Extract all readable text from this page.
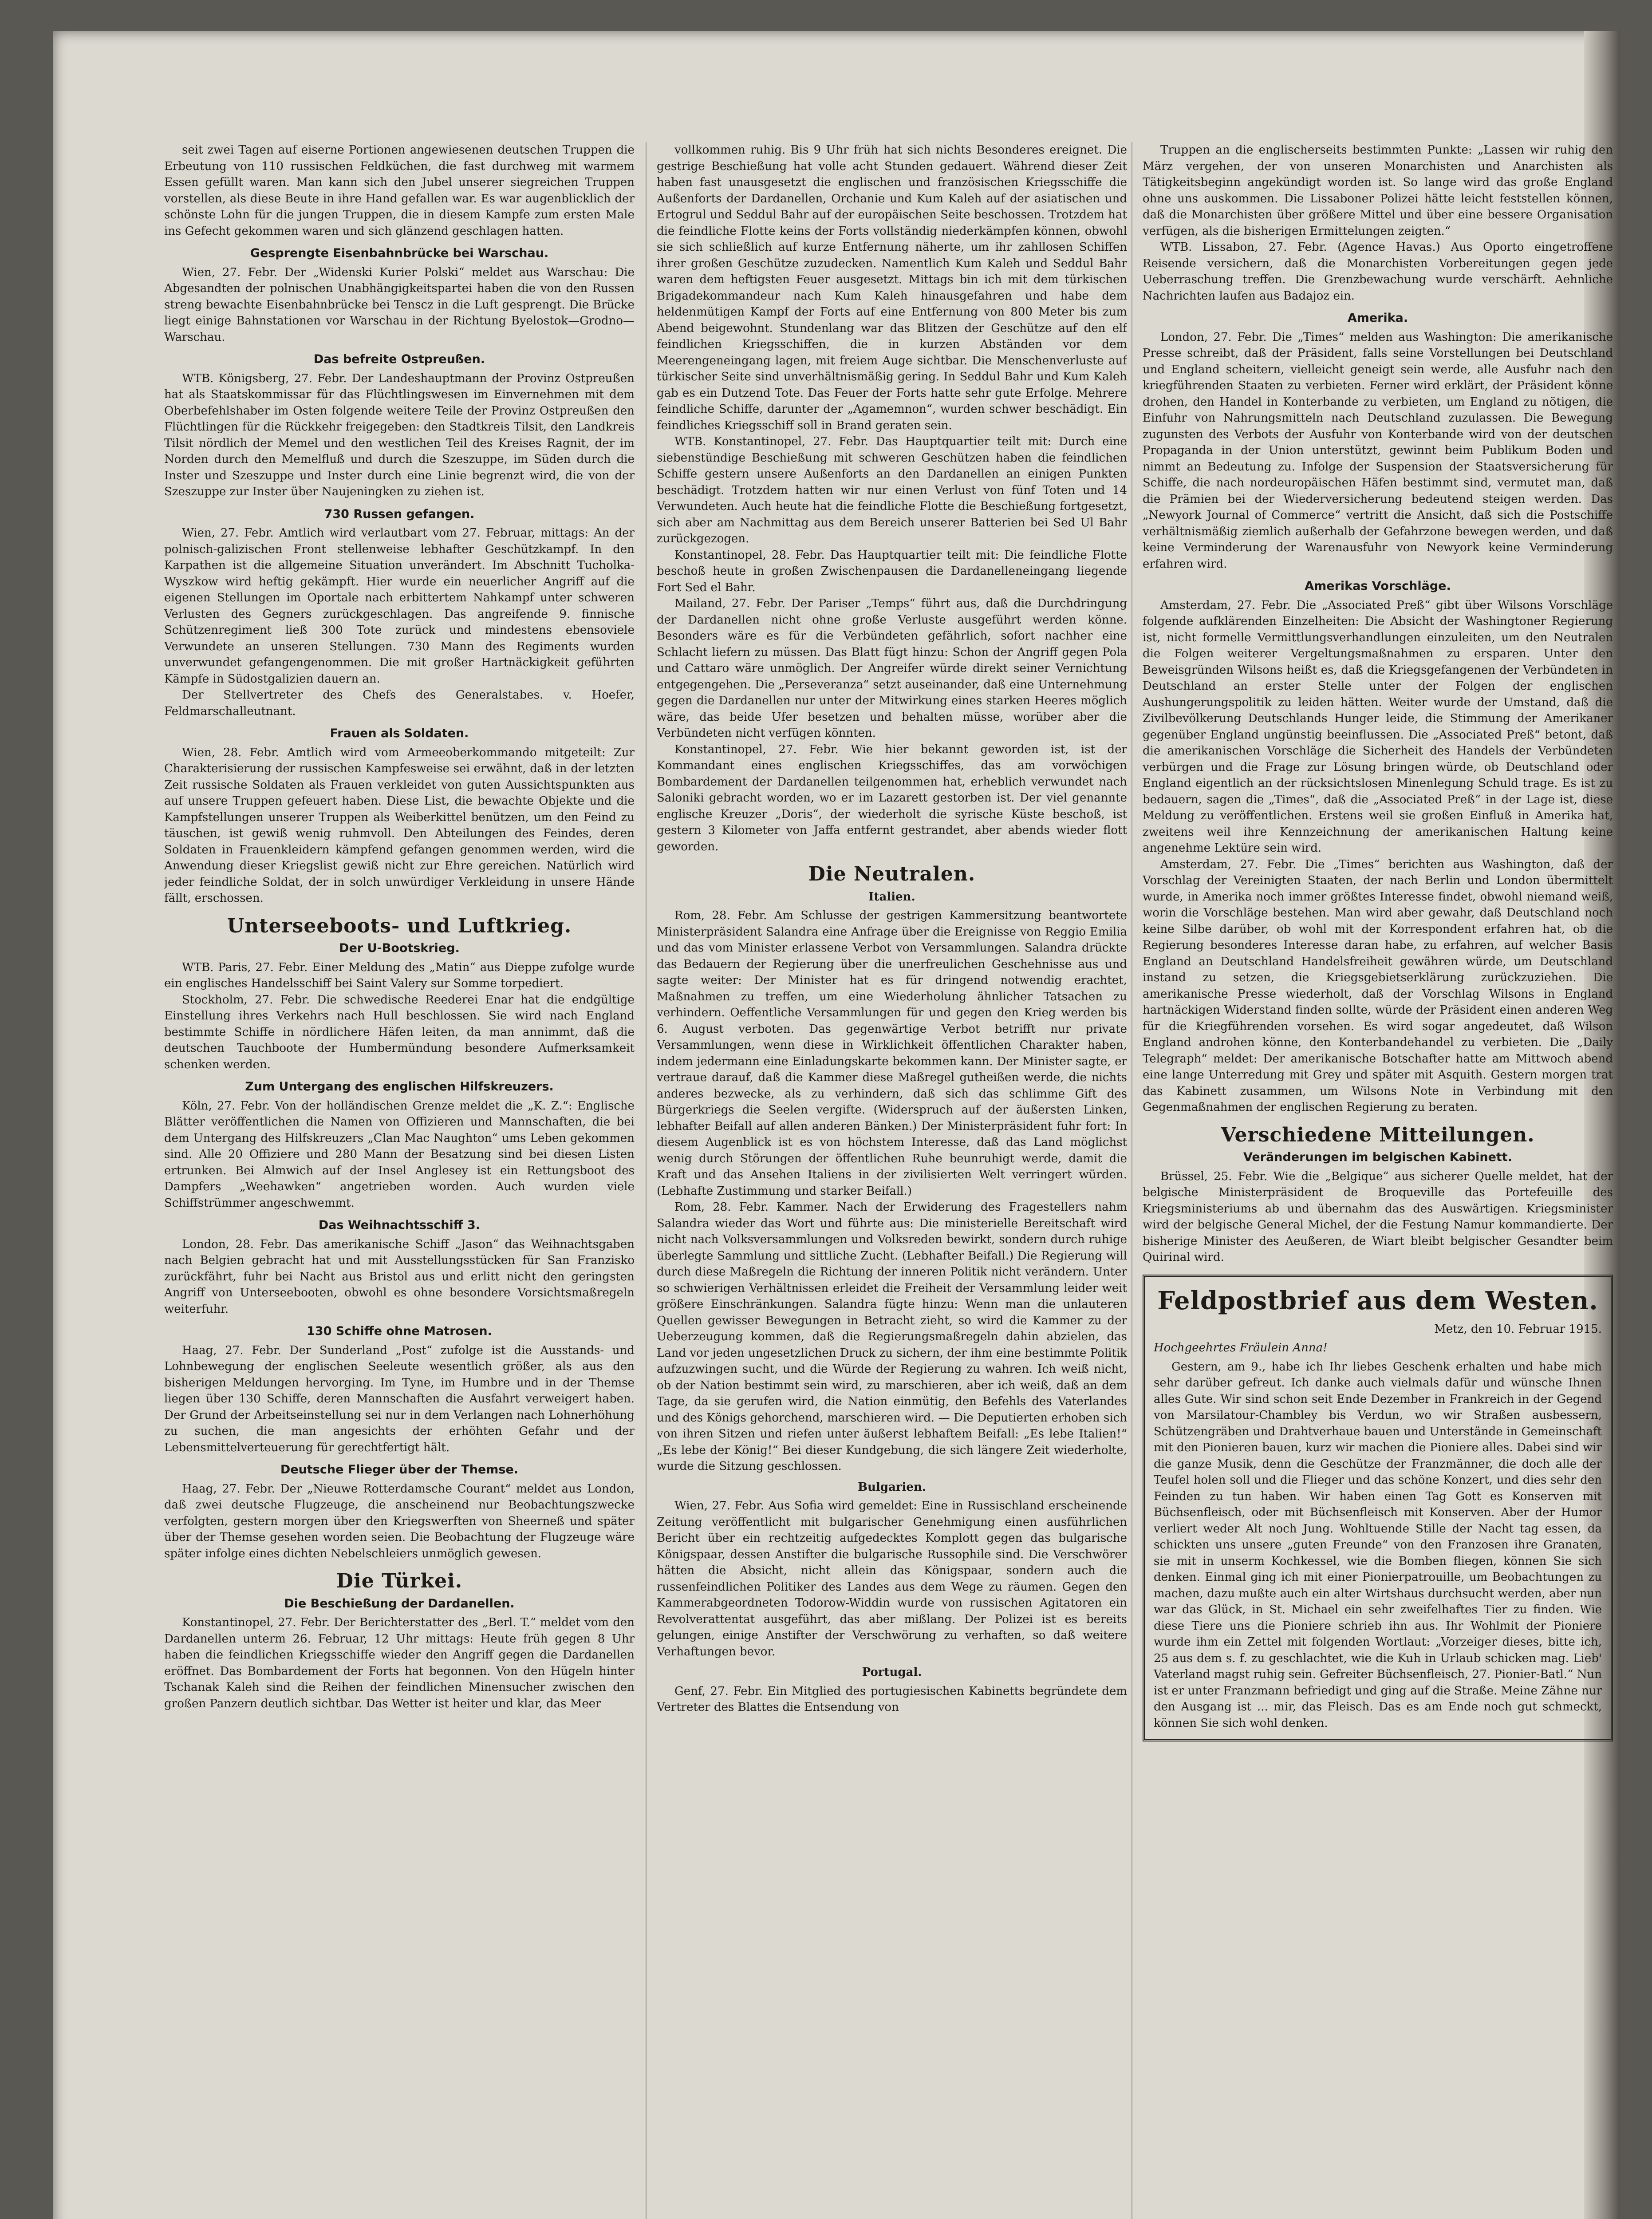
seit zwei Tagen auf eiserne Portionen angewiesenen deutschen Truppen die Erbeutung von 110 russischen Feldküchen, die fast durchweg mit warmem Essen gefüllt waren. Man kann sich den Jubel unserer siegreichen Truppen vorstellen, als diese Beute in ihre Hand gefallen war. Es war augenblicklich der schönste Lohn für die jungen Truppen, die in diesem Kampfe zum ersten Male ins Gefecht gekommen waren und sich glänzend geschlagen hatten.

Gesprengte Eisenbahnbrücke bei Warschau.

Wien, 27. Febr. Der „Widenski Kurier Polski“ meldet aus Warschau: Die Abgesandten der polnischen Unabhängigkeitspartei haben die von den Russen streng bewachte Eisenbahnbrücke bei Tenscz in die Luft gesprengt. Die Brücke liegt einige Bahnstationen vor Warschau in der Richtung Byelostok—Grodno—Warschau.

Das befreite Ostpreußen.

WTB. Königsberg, 27. Febr. Der Landeshauptmann der Provinz Ostpreußen hat als Staatskommissar für das Flüchtlingswesen im Einvernehmen mit dem Oberbefehlshaber im Osten folgende weitere Teile der Provinz Ostpreußen den Flüchtlingen für die Rückkehr freigegeben: den Stadtkreis Tilsit, den Landkreis Tilsit nördlich der Memel und den westlichen Teil des Kreises Ragnit, der im Norden durch den Memelfluß und durch die Szeszuppe, im Süden durch die Inster und Szeszuppe und Inster durch eine Linie begrenzt wird, die von der Szeszuppe zur Inster über Naujeningken zu ziehen ist.

730 Russen gefangen.

Wien, 27. Febr. Amtlich wird verlautbart vom 27. Februar, mittags: An der polnisch-galizischen Front stellenweise lebhafter Geschützkampf. In den Karpathen ist die allgemeine Situation unverändert. Im Abschnitt Tucholka-Wyszkow wird heftig gekämpft. Hier wurde ein neuerlicher Angriff auf die eigenen Stellungen im Oportale nach erbittertem Nahkampf unter schweren Verlusten des Gegners zurückgeschlagen. Das angreifende 9. finnische Schützenregiment ließ 300 Tote zurück und mindestens ebensoviele Verwundete an unseren Stellungen. 730 Mann des Regiments wurden unverwundet gefangengenommen. Die mit großer Hartnäckigkeit geführten Kämpfe in Südostgalizien dauern an.

Der Stellvertreter des Chefs des Generalstabes. v. Hoefer, Feldmarschalleutnant.

Frauen als Soldaten.

Wien, 28. Febr. Amtlich wird vom Armeeoberkommando mitgeteilt: Zur Charakterisierung der russischen Kampfesweise sei erwähnt, daß in der letzten Zeit russische Soldaten als Frauen verkleidet von guten Aussichtspunkten aus auf unsere Truppen gefeuert haben. Diese List, die bewachte Objekte und die Kampfstellungen unserer Truppen als Weiberkittel benützen, um den Feind zu täuschen, ist gewiß wenig ruhmvoll. Den Abteilungen des Feindes, deren Soldaten in Frauenkleidern kämpfend gefangen genommen werden, wird die Anwendung dieser Kriegslist gewiß nicht zur Ehre gereichen. Natürlich wird jeder feindliche Soldat, der in solch unwürdiger Verkleidung in unsere Hände fällt, erschossen.

Unterseeboots- und Luftkrieg.
Der U-Bootskrieg.

WTB. Paris, 27. Febr. Einer Meldung des „Matin“ aus Dieppe zufolge wurde ein englisches Handelsschiff bei Saint Valery sur Somme torpediert.

Stockholm, 27. Febr. Die schwedische Reederei Enar hat die endgültige Einstellung ihres Verkehrs nach Hull beschlossen. Sie wird nach England bestimmte Schiffe in nördlichere Häfen leiten, da man annimmt, daß die deutschen Tauchboote der Humbermündung besondere Aufmerksamkeit schenken werden.

Zum Untergang des englischen Hilfskreuzers.

Köln, 27. Febr. Von der holländischen Grenze meldet die „K. Z.“: Englische Blätter veröffentlichen die Namen von Offizieren und Mannschaften, die bei dem Untergang des Hilfskreuzers „Clan Mac Naughton“ ums Leben gekommen sind. Alle 20 Offiziere und 280 Mann der Besatzung sind bei diesen Listen ertrunken. Bei Almwich auf der Insel Anglesey ist ein Rettungsboot des Dampfers „Weehawken“ angetrieben worden. Auch wurden viele Schiffstrümmer angeschwemmt.

Das Weihnachtsschiff 3.

London, 28. Febr. Das amerikanische Schiff „Jason“ das Weihnachtsgaben nach Belgien gebracht hat und mit Ausstellungsstücken für San Franzisko zurückfährt, fuhr bei Nacht aus Bristol aus und erlitt nicht den geringsten Angriff von Unterseebooten, obwohl es ohne besondere Vorsichtsmaßregeln weiterfuhr.

130 Schiffe ohne Matrosen.

Haag, 27. Febr. Der Sunderland „Post“ zufolge ist die Ausstands- und Lohnbewegung der englischen Seeleute wesentlich größer, als aus den bisherigen Meldungen hervorging. Im Tyne, im Humbre und in der Themse liegen über 130 Schiffe, deren Mannschaften die Ausfahrt verweigert haben. Der Grund der Arbeitseinstellung sei nur in dem Verlangen nach Lohnerhöhung zu suchen, die man angesichts der erhöhten Gefahr und der Lebensmittelverteuerung für gerechtfertigt hält.

Deutsche Flieger über der Themse.

Haag, 27. Febr. Der „Nieuwe Rotterdamsche Courant“ meldet aus London, daß zwei deutsche Flugzeuge, die anscheinend nur Beobachtungszwecke verfolgten, gestern morgen über den Kriegswerften von Sheerneß und später über der Themse gesehen worden seien. Die Beobachtung der Flugzeuge wäre später infolge eines dichten Nebelschleiers unmöglich gewesen.

Die Türkei.
Die Beschießung der Dardanellen.

Konstantinopel, 27. Febr. Der Berichterstatter des „Berl. T.“ meldet vom den Dardanellen unterm 26. Februar, 12 Uhr mittags: Heute früh gegen 8 Uhr haben die feindlichen Kriegsschiffe wieder den Angriff gegen die Dardanellen eröffnet. Das Bombardement der Forts hat begonnen. Von den Hügeln hinter Tschanak Kaleh sind die Reihen der feindlichen Minensucher zwischen den großen Panzern deutlich sichtbar. Das Wetter ist heiter und klar, das Meer

vollkommen ruhig. Bis 9 Uhr früh hat sich nichts Besonderes ereignet. Die gestrige Beschießung hat volle acht Stunden gedauert. Während dieser Zeit haben fast unausgesetzt die englischen und französischen Kriegsschiffe die Außenforts der Dardanellen, Orchanie und Kum Kaleh auf der asiatischen und Ertogrul und Seddul Bahr auf der europäischen Seite beschossen. Trotzdem hat die feindliche Flotte keins der Forts vollständig niederkämpfen können, obwohl sie sich schließlich auf kurze Entfernung näherte, um ihr zahllosen Schiffen ihrer großen Geschütze zuzudecken. Namentlich Kum Kaleh und Seddul Bahr waren dem heftigsten Feuer ausgesetzt. Mittags bin ich mit dem türkischen Brigadekommandeur nach Kum Kaleh hinausgefahren und habe dem heldenmütigen Kampf der Forts auf eine Entfernung von 800 Meter bis zum Abend beigewohnt. Stundenlang war das Blitzen der Geschütze auf den elf feindlichen Kriegsschiffen, die in kurzen Abständen vor dem Meerengeneingang lagen, mit freiem Auge sichtbar. Die Menschenverluste auf türkischer Seite sind unverhältnismäßig gering. In Seddul Bahr und Kum Kaleh gab es ein Dutzend Tote. Das Feuer der Forts hatte sehr gute Erfolge. Mehrere feindliche Schiffe, darunter der „Agamemnon“, wurden schwer beschädigt. Ein feindliches Kriegsschiff soll in Brand geraten sein.

WTB. Konstantinopel, 27. Febr. Das Hauptquartier teilt mit: Durch eine siebenstündige Beschießung mit schweren Geschützen haben die feindlichen Schiffe gestern unsere Außenforts an den Dardanellen an einigen Punkten beschädigt. Trotzdem hatten wir nur einen Verlust von fünf Toten und 14 Verwundeten. Auch heute hat die feindliche Flotte die Beschießung fortgesetzt, sich aber am Nachmittag aus dem Bereich unserer Batterien bei Sed Ul Bahr zurückgezogen.

Konstantinopel, 28. Febr. Das Hauptquartier teilt mit: Die feindliche Flotte beschoß heute in großen Zwischenpausen die Dardanelleneingang liegende Fort Sed el Bahr.

Mailand, 27. Febr. Der Pariser „Temps“ führt aus, daß die Durchdringung der Dardanellen nicht ohne große Verluste ausgeführt werden könne. Besonders wäre es für die Verbündeten gefährlich, sofort nachher eine Schlacht liefern zu müssen. Das Blatt fügt hinzu: Schon der Angriff gegen Pola und Cattaro wäre unmöglich. Der Angreifer würde direkt seiner Vernichtung entgegengehen. Die „Perseveranza“ setzt auseinander, daß eine Unternehmung gegen die Dardanellen nur unter der Mitwirkung eines starken Heeres möglich wäre, das beide Ufer besetzen und behalten müsse, worüber aber die Verbündeten nicht verfügen könnten.

Konstantinopel, 27. Febr. Wie hier bekannt geworden ist, ist der Kommandant eines englischen Kriegsschiffes, das am vorwöchigen Bombardement der Dardanellen teilgenommen hat, erheblich verwundet nach Saloniki gebracht worden, wo er im Lazarett gestorben ist. Der viel genannte englische Kreuzer „Doris“, der wiederholt die syrische Küste beschoß, ist gestern 3 Kilometer von Jaffa entfernt gestrandet, aber abends wieder flott geworden.

Die Neutralen.
Italien.

Rom, 28. Febr. Am Schlusse der gestrigen Kammersitzung beantwortete Ministerpräsident Salandra eine Anfrage über die Ereignisse von Reggio Emilia und das vom Minister erlassene Verbot von Versammlungen. Salandra drückte das Bedauern der Regierung über die unerfreulichen Geschehnisse aus und sagte weiter: Der Minister hat es für dringend notwendig erachtet, Maßnahmen zu treffen, um eine Wiederholung ähnlicher Tatsachen zu verhindern. Oeffentliche Versammlungen für und gegen den Krieg werden bis 6. August verboten. Das gegenwärtige Verbot betrifft nur private Versammlungen, wenn diese in Wirklichkeit öffentlichen Charakter haben, indem jedermann eine Einladungskarte bekommen kann. Der Minister sagte, er vertraue darauf, daß die Kammer diese Maßregel gutheißen werde, die nichts anderes bezwecke, als zu verhindern, daß sich das schlimme Gift des Bürgerkriegs die Seelen vergifte. (Widerspruch auf der äußersten Linken, lebhafter Beifall auf allen anderen Bänken.) Der Ministerpräsident fuhr fort: In diesem Augenblick ist es von höchstem Interesse, daß das Land möglichst wenig durch Störungen der öffentlichen Ruhe beunruhigt werde, damit die Kraft und das Ansehen Italiens in der zivilisierten Welt verringert würden. (Lebhafte Zustimmung und starker Beifall.)

Rom, 28. Febr. Kammer. Nach der Erwiderung des Fragestellers nahm Salandra wieder das Wort und führte aus: Die ministerielle Bereitschaft wird nicht nach Volksversammlungen und Volksreden bewirkt, sondern durch ruhige überlegte Sammlung und sittliche Zucht. (Lebhafter Beifall.) Die Regierung will durch diese Maßregeln die Richtung der inneren Politik nicht verändern. Unter so schwierigen Verhältnissen erleidet die Freiheit der Versammlung leider weit größere Einschränkungen. Salandra fügte hinzu: Wenn man die unlauteren Quellen gewisser Bewegungen in Betracht zieht, so wird die Kammer zu der Ueberzeugung kommen, daß die Regierungsmaßregeln dahin abzielen, das Land vor jeden ungesetzlichen Druck zu sichern, der ihm eine bestimmte Politik aufzuzwingen sucht, und die Würde der Regierung zu wahren. Ich weiß nicht, ob der Nation bestimmt sein wird, zu marschieren, aber ich weiß, daß an dem Tage, da sie gerufen wird, die Nation einmütig, den Befehls des Vaterlandes und des Königs gehorchend, marschieren wird. — Die Deputierten erhoben sich von ihren Sitzen und riefen unter äußerst lebhaftem Beifall: „Es lebe Italien!“ „Es lebe der König!“ Bei dieser Kundgebung, die sich längere Zeit wiederholte, wurde die Sitzung geschlossen.

Bulgarien.

Wien, 27. Febr. Aus Sofia wird gemeldet: Eine in Russischland erscheinende Zeitung veröffentlicht mit bulgarischer Genehmigung einen ausführlichen Bericht über ein rechtzeitig aufgedecktes Komplott gegen das bulgarische Königspaar, dessen Anstifter die bulgarische Russophile sind. Die Verschwörer hätten die Absicht, nicht allein das Königspaar, sondern auch die russenfeindlichen Politiker des Landes aus dem Wege zu räumen. Gegen den Kammerabgeordneten Todorow-Widdin wurde von russischen Agitatoren ein Revolverattentat ausgeführt, das aber mißlang. Der Polizei ist es bereits gelungen, einige Anstifter der Verschwörung zu verhaften, so daß weitere Verhaftungen bevor.

Portugal.

Genf, 27. Febr. Ein Mitglied des portugiesischen Kabinetts begründete dem Vertreter des Blattes die Entsendung von

Truppen an die englischerseits bestimmten Punkte: „Lassen wir ruhig den März vergehen, der von unseren Monarchisten und Anarchisten als Tätigkeitsbeginn angekündigt worden ist. So lange wird das große England ohne uns auskommen. Die Lissaboner Polizei hätte leicht feststellen können, daß die Monarchisten über größere Mittel und über eine bessere Organisation verfügen, als die bisherigen Ermittelungen zeigten.“

WTB. Lissabon, 27. Febr. (Agence Havas.) Aus Oporto eingetroffene Reisende versichern, daß die Monarchisten Vorbereitungen gegen jede Ueberraschung treffen. Die Grenzbewachung wurde verschärft. Aehnliche Nachrichten laufen aus Badajoz ein.

Amerika.

London, 27. Febr. Die „Times“ melden aus Washington: Die amerikanische Presse schreibt, daß der Präsident, falls seine Vorstellungen bei Deutschland und England scheitern, vielleicht geneigt sein werde, alle Ausfuhr nach den kriegführenden Staaten zu verbieten. Ferner wird erklärt, der Präsident könne drohen, den Handel in Konterbande zu verbieten, um England zu nötigen, die Einfuhr von Nahrungsmitteln nach Deutschland zuzulassen. Die Bewegung zugunsten des Verbots der Ausfuhr von Konterbande wird von der deutschen Propaganda in der Union unterstützt, gewinnt beim Publikum Boden und nimmt an Bedeutung zu. Infolge der Suspension der Staatsversicherung für Schiffe, die nach nordeuropäischen Häfen bestimmt sind, vermutet man, daß die Prämien bei der Wiederversicherung bedeutend steigen werden. Das „Newyork Journal of Commerce“ vertritt die Ansicht, daß sich die Postschiffe verhältnismäßig ziemlich außerhalb der Gefahrzone bewegen werden, und daß keine Verminderung der Warenausfuhr von Newyork keine Verminderung erfahren wird.

Amerikas Vorschläge.

Amsterdam, 27. Febr. Die „Associated Preß“ gibt über Wilsons Vorschläge folgende aufklärenden Einzelheiten: Die Absicht der Washingtoner Regierung ist, nicht formelle Vermittlungsverhandlungen einzuleiten, um den Neutralen die Folgen weiterer Vergeltungsmaßnahmen zu ersparen. Unter den Beweisgründen Wilsons heißt es, daß die Kriegsgefangenen der Verbündeten in Deutschland an erster Stelle unter der Folgen der englischen Aushungerungspolitik zu leiden hätten. Weiter wurde der Umstand, daß die Zivilbevölkerung Deutschlands Hunger leide, die Stimmung der Amerikaner gegenüber England ungünstig beeinflussen. Die „Associated Preß“ betont, daß die amerikanischen Vorschläge die Sicherheit des Handels der Verbündeten verbürgen und die Frage zur Lösung bringen würde, ob Deutschland oder England eigentlich an der rücksichtslosen Minenlegung Schuld trage. Es ist zu bedauern, sagen die „Times“, daß die „Associated Preß“ in der Lage ist, diese Meldung zu veröffentlichen. Erstens weil sie großen Einfluß in Amerika hat, zweitens weil ihre Kennzeichnung der amerikanischen Haltung keine angenehme Lektüre sein wird.

Amsterdam, 27. Febr. Die „Times“ berichten aus Washington, daß der Vorschlag der Vereinigten Staaten, der nach Berlin und London übermittelt wurde, in Amerika noch immer größtes Interesse findet, obwohl niemand weiß, worin die Vorschläge bestehen. Man wird aber gewahr, daß Deutschland noch keine Silbe darüber, ob wohl mit der Korrespondent erfahren hat, ob die Regierung besonderes Interesse daran habe, zu erfahren, auf welcher Basis England an Deutschland Handelsfreiheit gewähren würde, um Deutschland instand zu setzen, die Kriegsgebietserklärung zurückzuziehen. Die amerikanische Presse wiederholt, daß der Vorschlag Wilsons in England hartnäckigen Widerstand finden sollte, würde der Präsident einen anderen Weg für die Kriegführenden vorsehen. Es wird sogar angedeutet, daß Wilson England androhen könne, den Konterbandehandel zu verbieten. Die „Daily Telegraph“ meldet: Der amerikanische Botschafter hatte am Mittwoch abend eine lange Unterredung mit Grey und später mit Asquith. Gestern morgen trat das Kabinett zusammen, um Wilsons Note in Verbindung mit den Gegenmaßnahmen der englischen Regierung zu beraten.

Verschiedene Mitteilungen.
Veränderungen im belgischen Kabinett.

Brüssel, 25. Febr. Wie die „Belgique“ aus sicherer Quelle meldet, hat der belgische Ministerpräsident de Broqueville das Portefeuille des Kriegsministeriums ab und übernahm das des Auswärtigen. Kriegsminister wird der belgische General Michel, der die Festung Namur kommandierte. Der bisherige Minister des Aeußeren, de Wiart bleibt belgischer Gesandter beim Quirinal wird.

Feldpostbrief aus dem Westen.
Metz, den 10. Februar 1915.
Hochgeehrtes Fräulein Anna!

Gestern, am 9., habe ich Ihr liebes Geschenk erhalten und habe mich sehr darüber gefreut. Ich danke auch vielmals dafür und wünsche Ihnen alles Gute. Wir sind schon seit Ende Dezember in Frankreich in der Gegend von Marsilatour-Chambley bis Verdun, wo wir Straßen ausbessern, Schützengräben und Drahtverhaue bauen und Unterstände in Gemeinschaft mit den Pionieren bauen, kurz wir machen die Pioniere alles. Dabei sind wir die ganze Musik, denn die Geschütze der Franzmänner, die doch alle der Teufel holen soll und die Flieger und das schöne Konzert, und dies sehr den Feinden zu tun haben. Wir haben einen Tag Gott es Konserven mit Büchsenfleisch, oder mit Büchsenfleisch mit Konserven. Aber der Humor verliert weder Alt noch Jung. Wohltuende Stille der Nacht tag essen, da schickten uns unsere „guten Freunde“ von den Franzosen ihre Granaten, sie mit in unserm Kochkessel, wie die Bomben fliegen, können Sie sich denken. Einmal ging ich mit einer Pionierpatrouille, um Beobachtungen zu machen, dazu mußte auch ein alter Wirtshaus durchsucht werden, aber nun war das Glück, in St. Michael ein sehr zweifelhaftes Tier zu finden. Wie diese Tiere uns die Pioniere schrieb ihn aus. Ihr Wohlmit der Pioniere wurde ihm ein Zettel mit folgenden Wortlaut: „Vorzeiger dieses, bitte ich, 25 aus dem s. f. zu geschlachtet, wie die Kuh in Urlaub schicken mag. Lieb' Vaterland magst ruhig sein. Gefreiter Büchsenfleisch, 27. Pionier-Batl.“ Nun ist er unter Franzmann befriedigt und ging auf die Straße. Meine Zähne nur den Ausgang ist ... mir, das Fleisch. Das es am Ende noch gut schmeckt, können Sie sich wohl denken.
